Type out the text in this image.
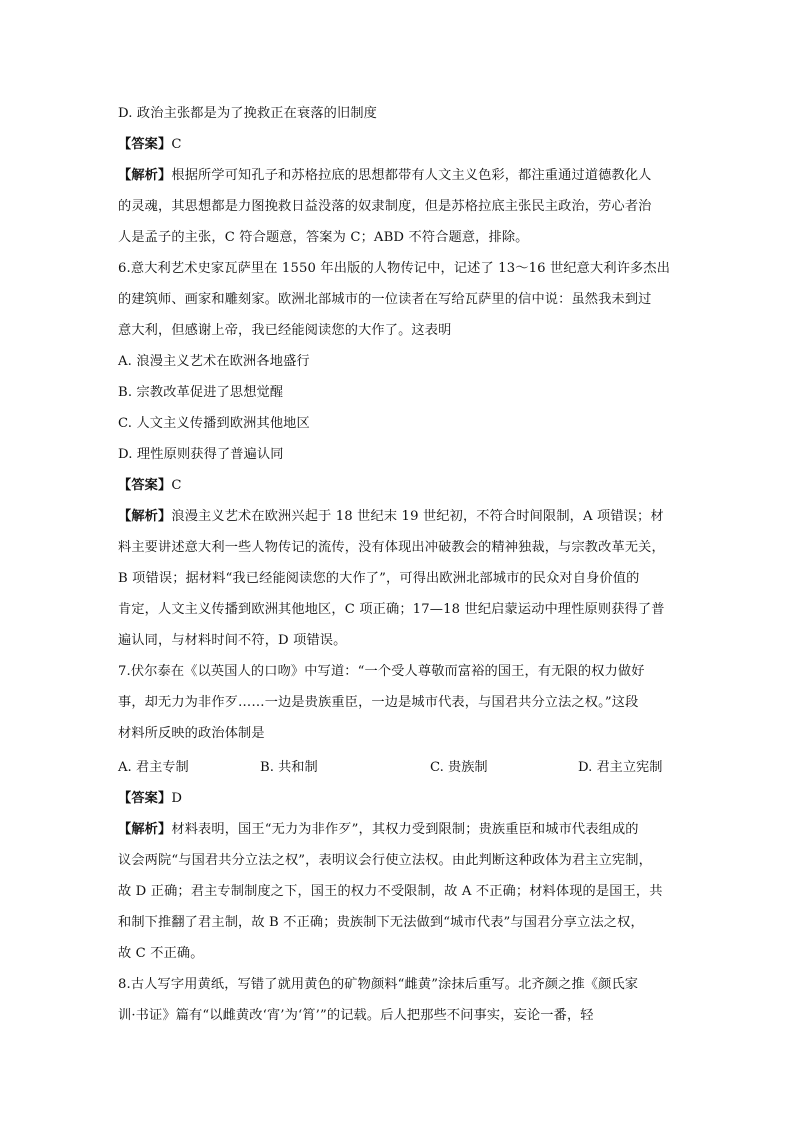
D. 政治主张都是为了挽救正在衰落的旧制度
【答案】C
【解析】根据所学可知孔子和苏格拉底的思想都带有人文主义色彩，都注重通过道德教化人
的灵魂，其思想都是力图挽救日益没落的奴隶制度，但是苏格拉底主张民主政治，劳心者治
人是孟子的主张，C 符合题意，答案为 C；ABD 不符合题意，排除。
6.意大利艺术史家瓦萨里在 1550 年出版的人物传记中，记述了 13～16 世纪意大利许多杰出
的建筑师、画家和雕刻家。欧洲北部城市的一位读者在写给瓦萨里的信中说：虽然我未到过
意大利，但感谢上帝，我已经能阅读您的大作了。这表明
A. 浪漫主义艺术在欧洲各地盛行
B. 宗教改革促进了思想觉醒
C. 人文主义传播到欧洲其他地区
D. 理性原则获得了普遍认同
【答案】C
【解析】浪漫主义艺术在欧洲兴起于 18 世纪末 19 世纪初，不符合时间限制，A 项错误；材
料主要讲述意大利一些人物传记的流传，没有体现出冲破教会的精神独裁，与宗教改革无关，
B 项错误；据材料“我已经能阅读您的大作了”，可得出欧洲北部城市的民众对自身价值的
肯定，人文主义传播到欧洲其他地区，C 项正确；17—18 世纪启蒙运动中理性原则获得了普
遍认同，与材料时间不符，D 项错误。
7.伏尔泰在《以英国人的口吻》中写道：“一个受人尊敬而富裕的国王，有无限的权力做好
事，却无力为非作歹……一边是贵族重臣，一边是城市代表，与国君共分立法之权。”这段
材料所反映的政治体制是
A. 君主专制	B. 共和制	C. 贵族制	D. 君主立宪制
【答案】D
【解析】材料表明，国王“无力为非作歹”，其权力受到限制；贵族重臣和城市代表组成的
议会两院“与国君共分立法之权”，表明议会行使立法权。由此判断这种政体为君主立宪制，
故 D 正确；君主专制制度之下，国王的权力不受限制，故 A 不正确；材料体现的是国王，共
和制下推翻了君主制，故 B 不正确；贵族制下无法做到“城市代表”与国君分享立法之权，
故 C 不正确。
8.古人写字用黄纸，写错了就用黄色的矿物颜料“雌黄”涂抹后重写。北齐颜之推《颜氏家
训·书证》篇有“以雌黄改‘宵’为‘筲’”的记载。后人把那些不问事实，妄论一番，轻
